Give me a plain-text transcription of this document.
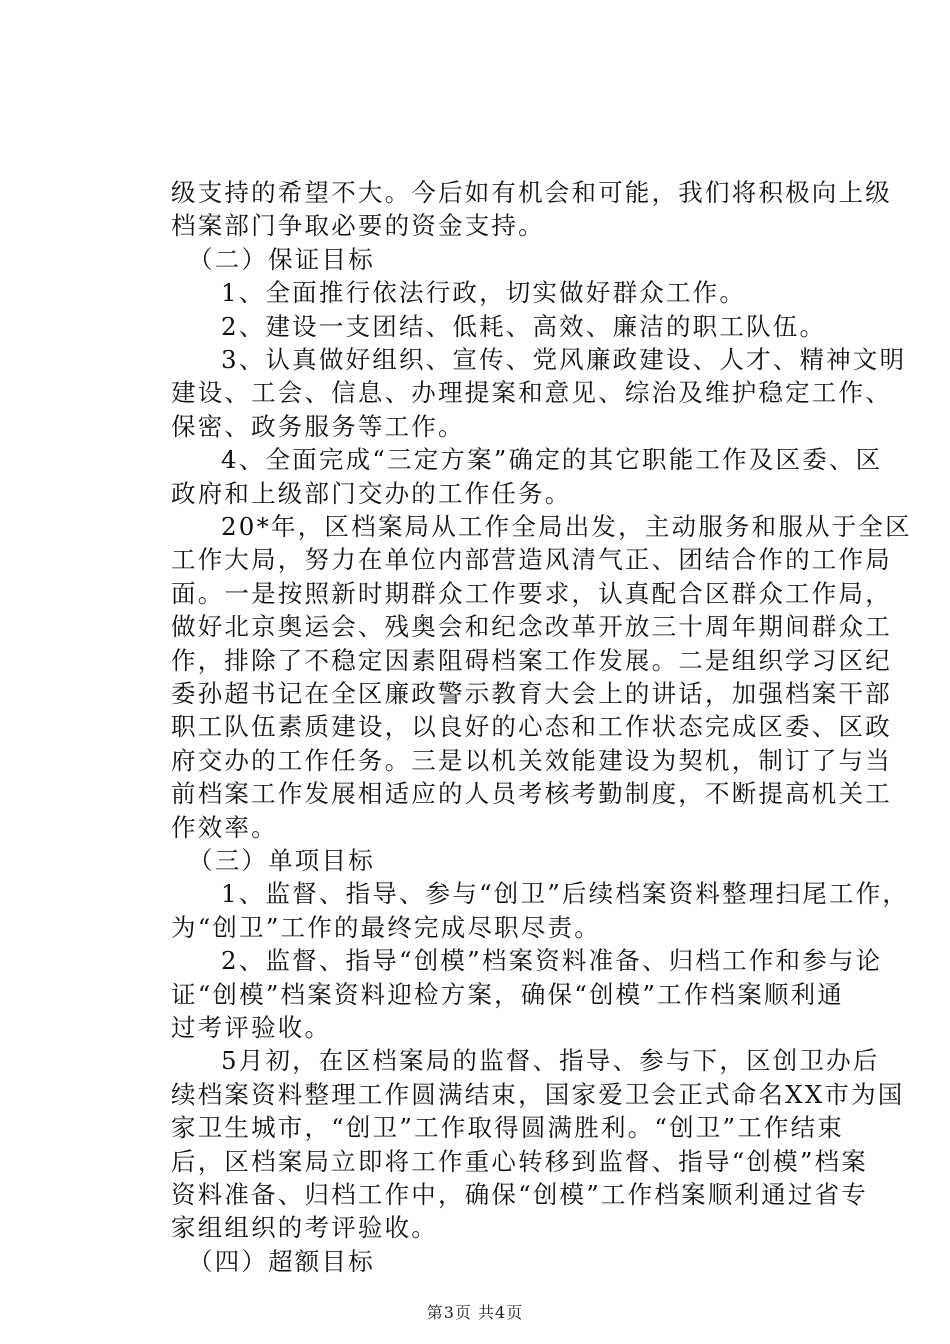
级支持的希望不大。今后如有机会和可能，我们将积极向上级
档案部门争取必要的资金支持。
（二）保证目标
1、全面推行依法行政，切实做好群众工作。
2、建设一支团结、低耗、高效、廉洁的职工队伍。
3、认真做好组织、宣传、党风廉政建设、人才、精神文明
建设、工会、信息、办理提案和意见、综治及维护稳定工作、
保密、政务服务等工作。
4、全面完成“三定方案”确定的其它职能工作及区委、区
政府和上级部门交办的工作任务。
20*年，区档案局从工作全局出发，主动服务和服从于全区
工作大局，努力在单位内部营造风清气正、团结合作的工作局
面。一是按照新时期群众工作要求，认真配合区群众工作局，
做好北京奥运会、残奥会和纪念改革开放三十周年期间群众工
作，排除了不稳定因素阻碍档案工作发展。二是组织学习区纪
委孙超书记在全区廉政警示教育大会上的讲话，加强档案干部
职工队伍素质建设，以良好的心态和工作状态完成区委、区政
府交办的工作任务。三是以机关效能建设为契机，制订了与当
前档案工作发展相适应的人员考核考勤制度，不断提高机关工
作效率。
（三）单项目标
1、监督、指导、参与“创卫”后续档案资料整理扫尾工作，
为“创卫”工作的最终完成尽职尽责。
2、监督、指导“创模”档案资料准备、归档工作和参与论
证“创模”档案资料迎检方案，确保“创模”工作档案顺利通
过考评验收。
5月初，在区档案局的监督、指导、参与下，区创卫办后
续档案资料整理工作圆满结束，国家爱卫会正式命名XX市为国
家卫生城市，“创卫”工作取得圆满胜利。“创卫”工作结束
后，区档案局立即将工作重心转移到监督、指导“创模”档案
资料准备、归档工作中，确保“创模”工作档案顺利通过省专
家组组织的考评验收。
（四）超额目标
第3页 共4页
